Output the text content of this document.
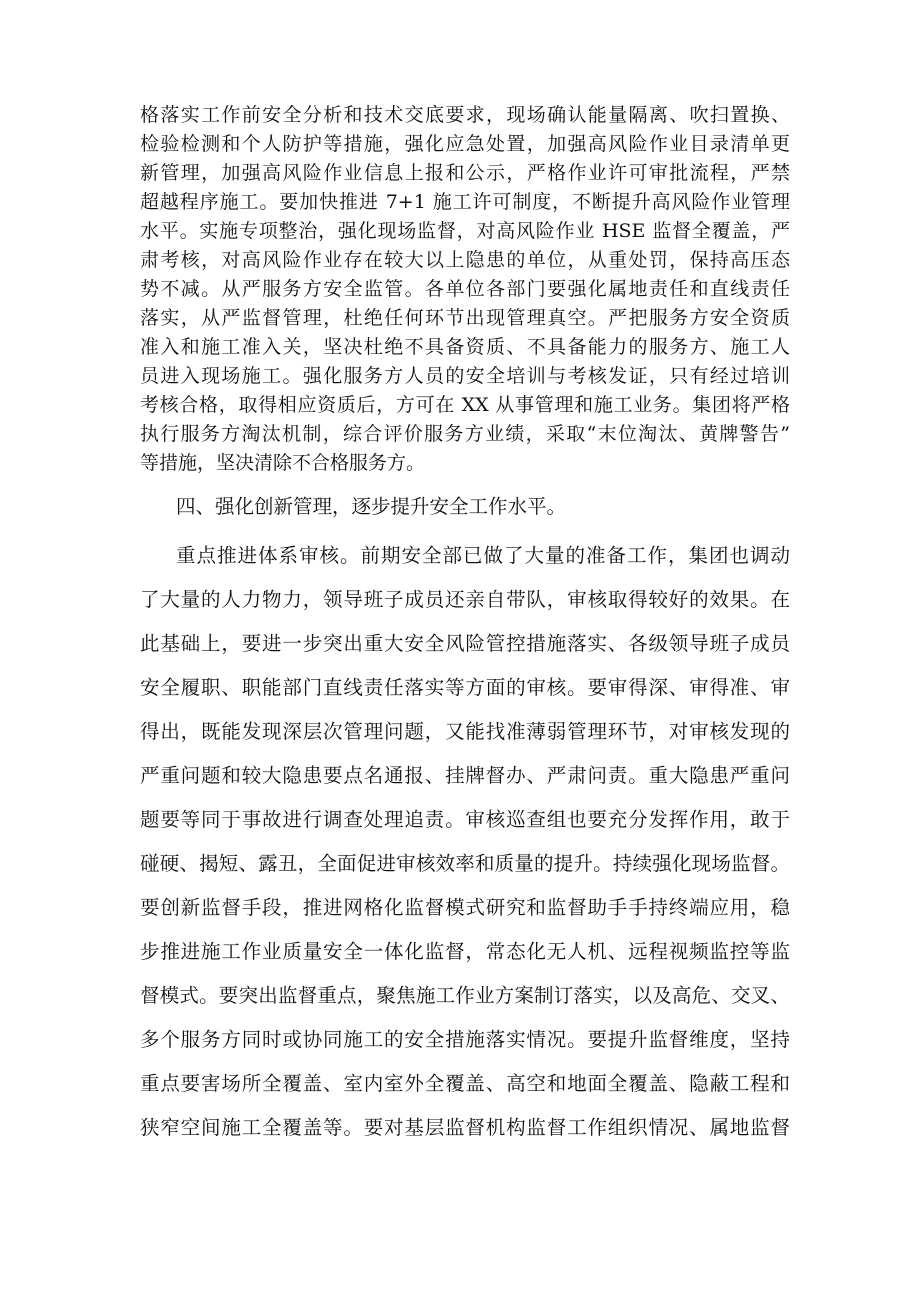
格落实工作前安全分析和技术交底要求，现场确认能量隔离、吹扫置换、
检验检测和个人防护等措施，强化应急处置，加强高风险作业目录清单更
新管理，加强高风险作业信息上报和公示，严格作业许可审批流程，严禁
超越程序施工。要加快推进 7+1 施工许可制度，不断提升高风险作业管理
水平。实施专项整治，强化现场监督，对高风险作业 HSE 监督全覆盖，严
肃考核，对高风险作业存在较大以上隐患的单位，从重处罚，保持高压态
势不减。从严服务方安全监管。各单位各部门要强化属地责任和直线责任
落实，从严监督管理，杜绝任何环节出现管理真空。严把服务方安全资质
准入和施工准入关，坚决杜绝不具备资质、不具备能力的服务方、施工人
员进入现场施工。强化服务方人员的安全培训与考核发证，只有经过培训
考核合格，取得相应资质后，方可在 XX 从事管理和施工业务。集团将严格
执行服务方淘汰机制，综合评价服务方业绩，采取“末位淘汰、黄牌警告”
等措施，坚决清除不合格服务方。
四、强化创新管理，逐步提升安全工作水平。
重点推进体系审核。前期安全部已做了大量的准备工作，集团也调动
了大量的人力物力，领导班子成员还亲自带队，审核取得较好的效果。在
此基础上，要进一步突出重大安全风险管控措施落实、各级领导班子成员
安全履职、职能部门直线责任落实等方面的审核。要审得深、审得准、审
得出，既能发现深层次管理问题，又能找准薄弱管理环节，对审核发现的
严重问题和较大隐患要点名通报、挂牌督办、严肃问责。重大隐患严重问
题要等同于事故进行调查处理追责。审核巡查组也要充分发挥作用，敢于
碰硬、揭短、露丑，全面促进审核效率和质量的提升。持续强化现场监督。
要创新监督手段，推进网格化监督模式研究和监督助手手持终端应用，稳
步推进施工作业质量安全一体化监督，常态化无人机、远程视频监控等监
督模式。要突出监督重点，聚焦施工作业方案制订落实，以及高危、交叉、
多个服务方同时或协同施工的安全措施落实情况。要提升监督维度，坚持
重点要害场所全覆盖、室内室外全覆盖、高空和地面全覆盖、隐蔽工程和
狭窄空间施工全覆盖等。要对基层监督机构监督工作组织情况、属地监督
